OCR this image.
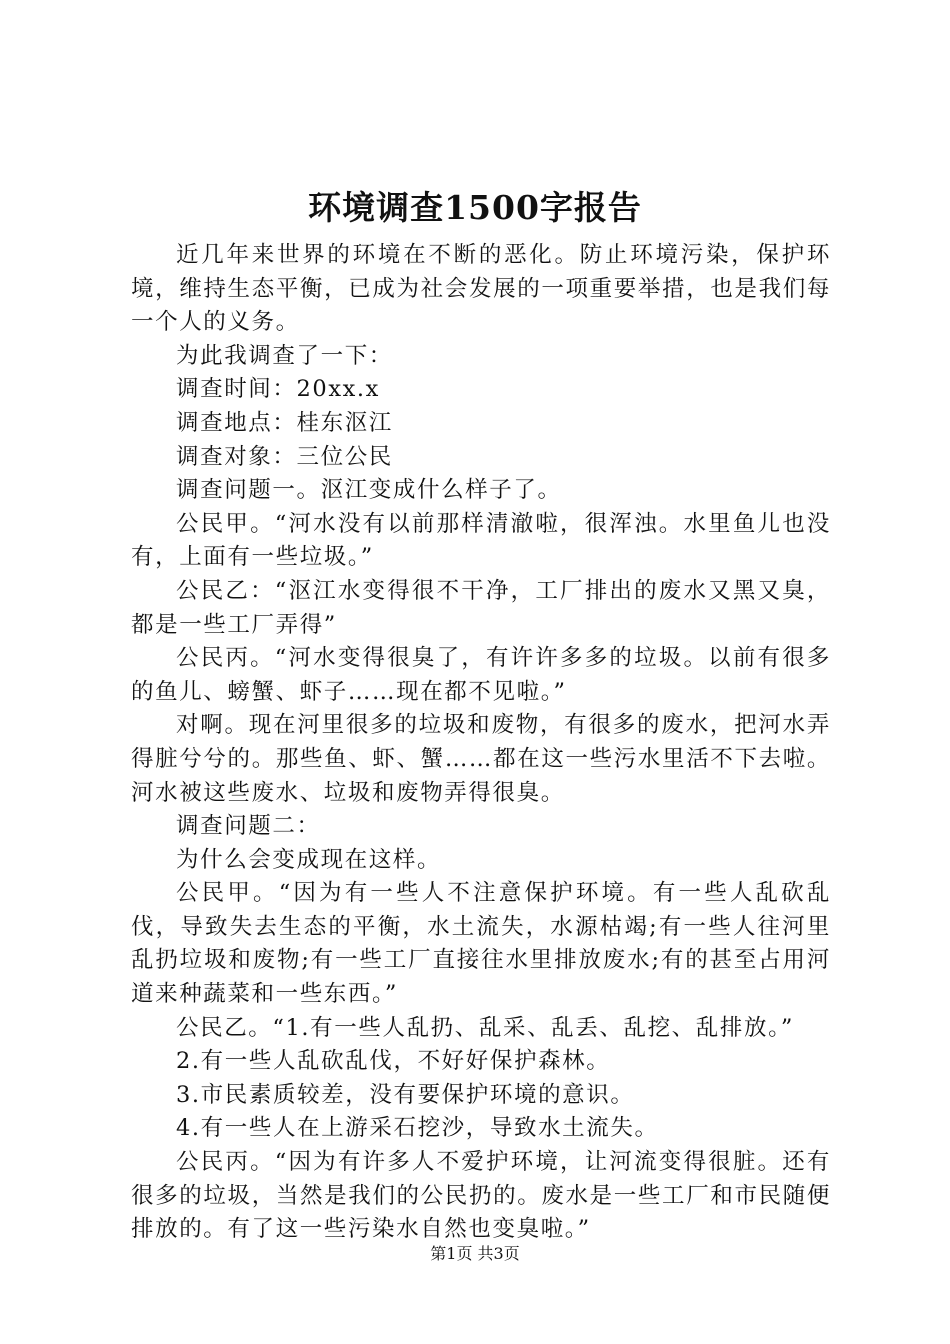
环境调查1500字报告

近几年来世界的环境在不断的恶化。防止环境污染，保护环境，维持生态平衡，已成为社会发展的一项重要举措，也是我们每一个人的义务。

为此我调查了一下：

调查时间：20xx.x

调查地点：桂东沤江

调查对象：三位公民

调查问题一。沤江变成什么样子了。

公民甲。“河水没有以前那样清澈啦，很浑浊。水里鱼儿也没有，上面有一些垃圾。”

公民乙：“沤江水变得很不干净，工厂排出的废水又黑又臭，都是一些工厂弄得”

公民丙。“河水变得很臭了，有许许多多的垃圾。以前有很多的鱼儿、螃蟹、虾子……现在都不见啦。”

对啊。现在河里很多的垃圾和废物，有很多的废水，把河水弄得脏兮兮的。那些鱼、虾、蟹……都在这一些污水里活不下去啦。河水被这些废水、垃圾和废物弄得很臭。

调查问题二：

为什么会变成现在这样。

公民甲。“因为有一些人不注意保护环境。有一些人乱砍乱伐，导致失去生态的平衡，水土流失，水源枯竭;有一些人往河里乱扔垃圾和废物;有一些工厂直接往水里排放废水;有的甚至占用河道来种蔬菜和一些东西。”

公民乙。“1.有一些人乱扔、乱采、乱丢、乱挖、乱排放。”

2.有一些人乱砍乱伐，不好好保护森林。

3.市民素质较差，没有要保护环境的意识。

4.有一些人在上游采石挖沙，导致水土流失。

公民丙。“因为有许多人不爱护环境，让河流变得很脏。还有很多的垃圾，当然是我们的公民扔的。废水是一些工厂和市民随便排放的。有了这一些污染水自然也变臭啦。”

第1页 共3页
